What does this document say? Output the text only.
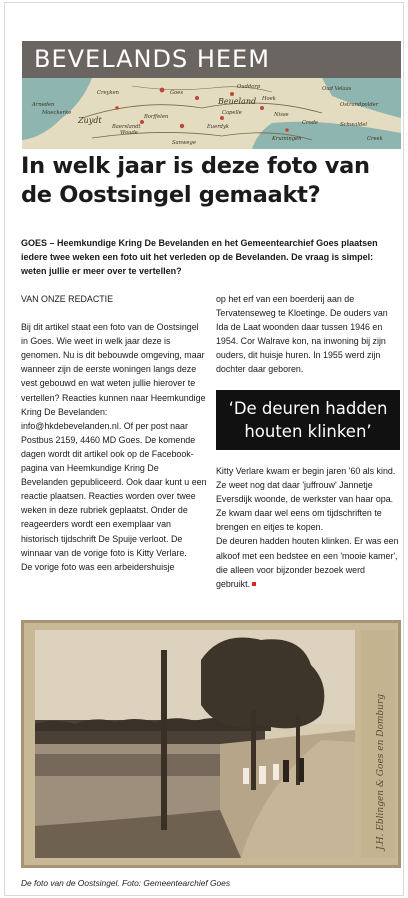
BEVELANDS HEEM
Creyken	Goes
Beueland
Arneden
Zuydt	Borffelen
Woude
Sanwege
Hoek
Ouddorp
Nisse
Capelle
Moeckerke
Euerdyk
Baerslandt
Crode	Schwaldel
Oud Velaas
Creek
Ostrandpolder
Kruiningen
In welk jaar is deze foto van de Oostsingel gemaakt?
GOES – Heemkundige Kring De Bevelanden en het Gemeentearchief Goes plaatsen iedere twee weken een foto uit het verleden op de Bevelanden. De vraag is simpel: weten jullie er meer over te vertellen?

VAN ONZE REDACTIE

Bij dit artikel staat een foto van de Oostsingel in Goes. Wie weet in welk jaar deze is genomen. Nu is dit bebouwde omgeving, maar wanneer zijn de eerste woningen langs deze vest gebouwd en wat weten jullie hierover te vertellen? Reacties kunnen naar Heemkundige Kring De Bevelanden: info@hkdebevelanden.nl. Of per post naar Postbus 2159, 4460 MD Goes. De komende dagen wordt dit artikel ook op de Facebook-pagina van Heemkundige Kring De Bevelanden gepubliceerd. Ook daar kunt u een reactie plaatsen. Reacties worden over twee weken in deze rubriek geplaatst. Onder de reageerders wordt een exemplaar van historisch tijdschrift De Spuije verloot. De winnaar van de vorige foto is Kitty Verlare.

De vorige foto was een arbeidershuisje

op het erf van een boerderij aan de Tervatenseweg te Kloetinge. De ouders van Ida de Laat woonden daar tussen 1946 en 1954. Cor Walrave kon, na inwoning bij zijn ouders, dit huisje huren. In 1955 werd zijn dochter daar geboren.

‘De deuren hadden houten klinken’

Kitty Verlare kwam er begin jaren '60 als kind. Ze weet nog dat daar 'juffrouw' Jannetje Eversdijk woonde, de werkster van haar opa. Ze kwam daar wel eens om tijdschriften te brengen en eitjes te kopen.

De deuren hadden houten klinken. Er was een alkoof met een bedstee en een 'mooie kamer', die alleen voor bijzonder bezoek werd gebruikt.

J.H. Eblingen & Goes en Domburg
De foto van de Oostsingel. Foto: Gemeentearchief Goes
